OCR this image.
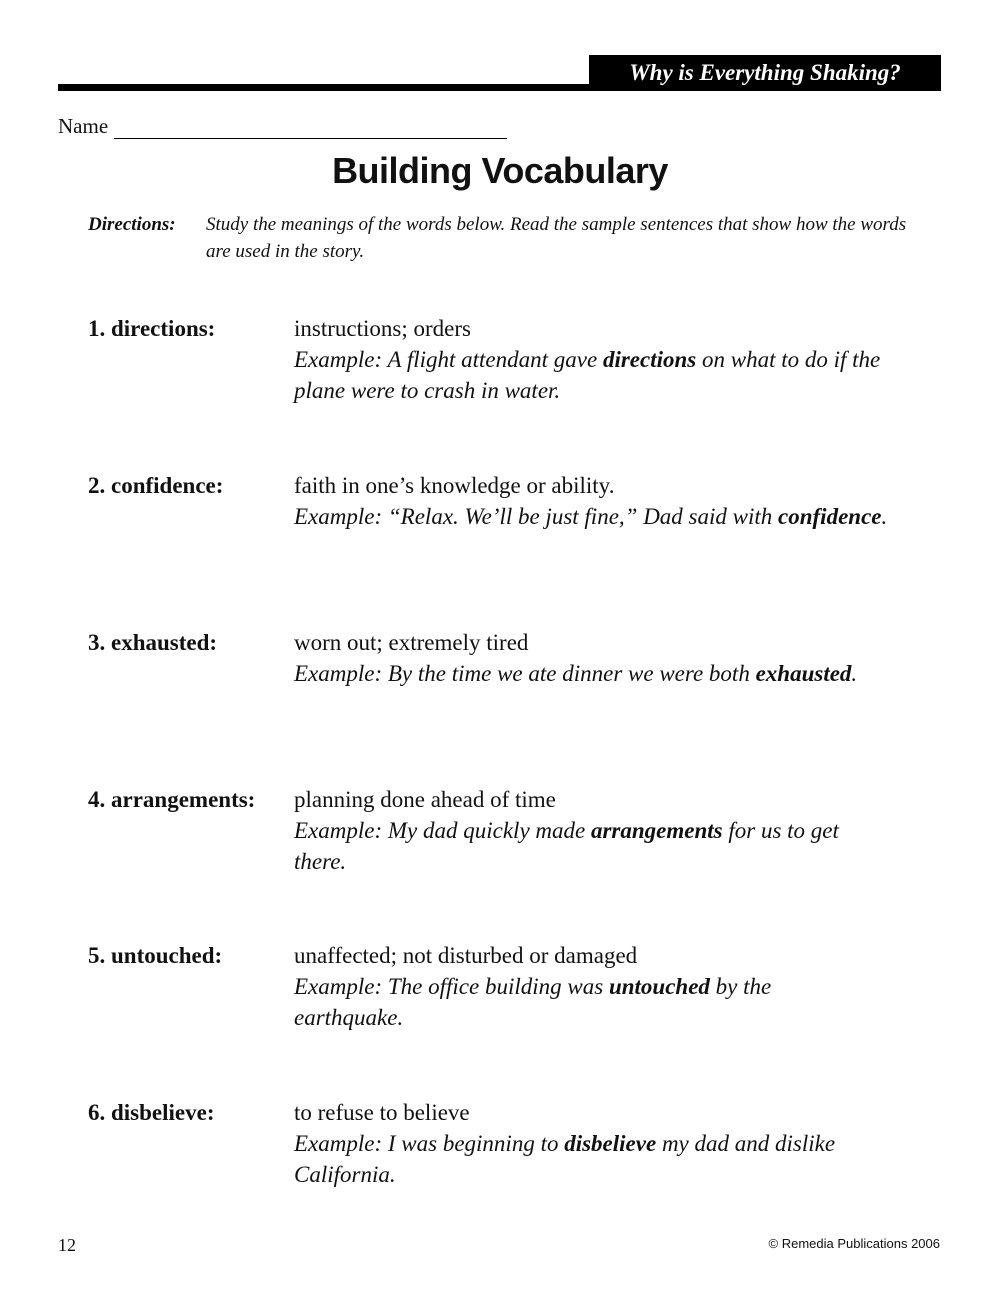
Why is Everything Shaking?
Name
Building Vocabulary
Directions:	Study the meanings of the words below. Read the sample sentences that show how the words are used in the story.
1. directions:	instructions; orders
Example: A flight attendant gave directions on what to do if the plane were to crash in water.
2. confidence:	faith in one’s knowledge or ability.
Example: “Relax. We’ll be just fine,” Dad said with confidence.
3. exhausted:	worn out; extremely tired
Example: By the time we ate dinner we were both exhausted.
4. arrangements: planning done ahead of time
Example: My dad quickly made arrangements for us to get there.
5. untouched:	unaffected; not disturbed or damaged
Example: The office building was untouched by the earthquake.
6. disbelieve:	to refuse to believe
Example: I was beginning to disbelieve my dad and dislike California.
12	© Remedia Publications 2006
